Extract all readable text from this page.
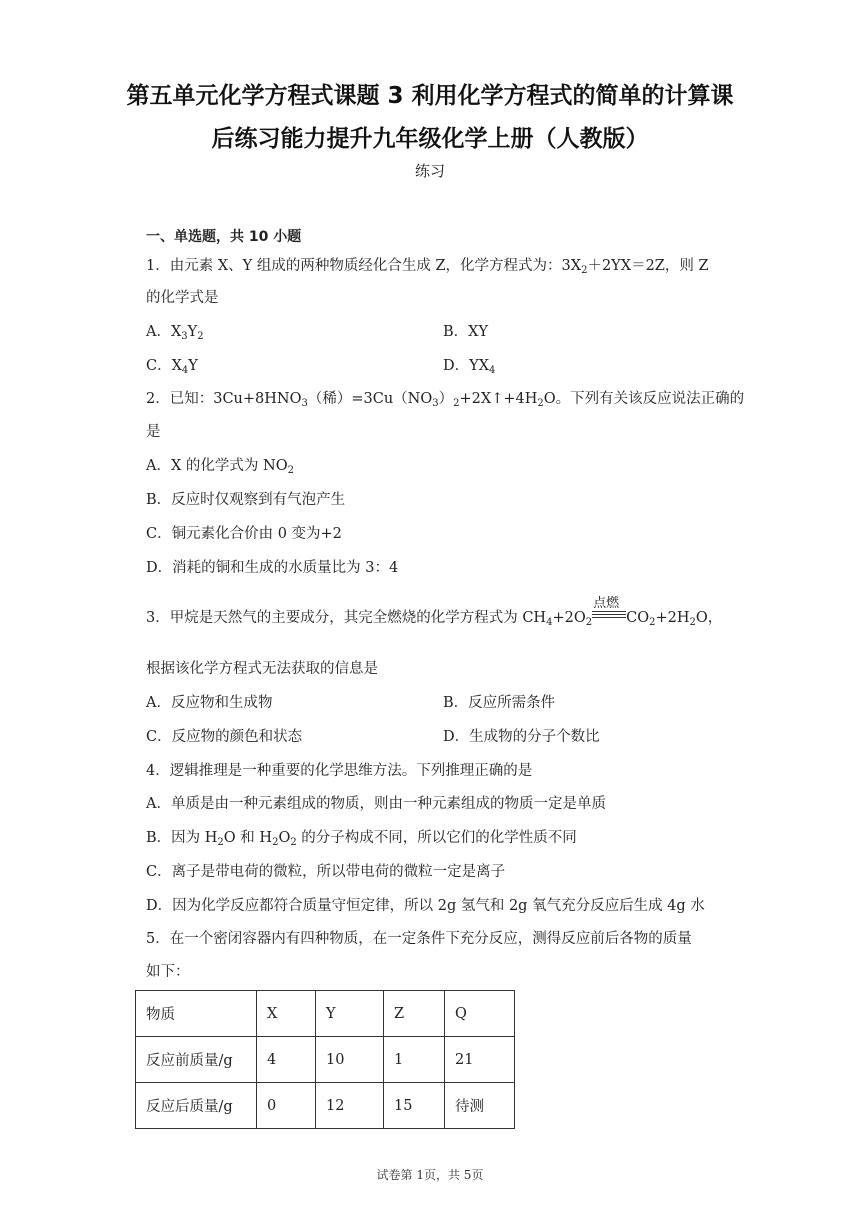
第五单元化学方程式课题 3 利用化学方程式的简单的计算课
后练习能力提升九年级化学上册（人教版）
练习
一、单选题，共 10 小题
1．由元素 X、Y 组成的两种物质经化合生成 Z，化学方程式为：$3X_2+2YX=2Z$，则 Z
的化学式是
A．$X_3Y_2$	B．XY
C．$X_4Y$	D．$YX_4$
2．已知：$3Cu+8HNO_3$（稀）$=3Cu(NO_3)_2+2X↑+4H_2O$。下列有关该反应说法正确的
是
A．X 的化学式为 $NO_2$
B．反应时仅观察到有气泡产生
C．铜元素化合价由 0 变为+2
D．消耗的铜和生成的水质量比为 3：4
3．甲烷是天然气的主要成分，其完全燃烧的化学方程式为 $CH_4+2O_2$
点燃
$CO_2+2H_2O$，
根据该化学方程式无法获取的信息是
A．反应物和生成物	B．反应所需条件
C．反应物的颜色和状态	D．生成物的分子个数比
4．逻辑推理是一种重要的化学思维方法。下列推理正确的是
A．单质是由一种元素组成的物质，则由一种元素组成的物质一定是单质
B．因为 $H_2O$ 和 $H_2O_2$ 的分子构成不同，所以它们的化学性质不同
C．离子是带电荷的微粒，所以带电荷的微粒一定是离子
D．因为化学反应都符合质量守恒定律，所以 2g 氢气和 2g 氧气充分反应后生成 4g 水
5．在一个密闭容器内有四种物质，在一定条件下充分反应，测得反应前后各物的质量
如下：
物质	X	Y	Z	Q
反应前质量/g	4	10	1	21
反应后质量/g	0	12	15	待测
试卷第 1页，共 5页
